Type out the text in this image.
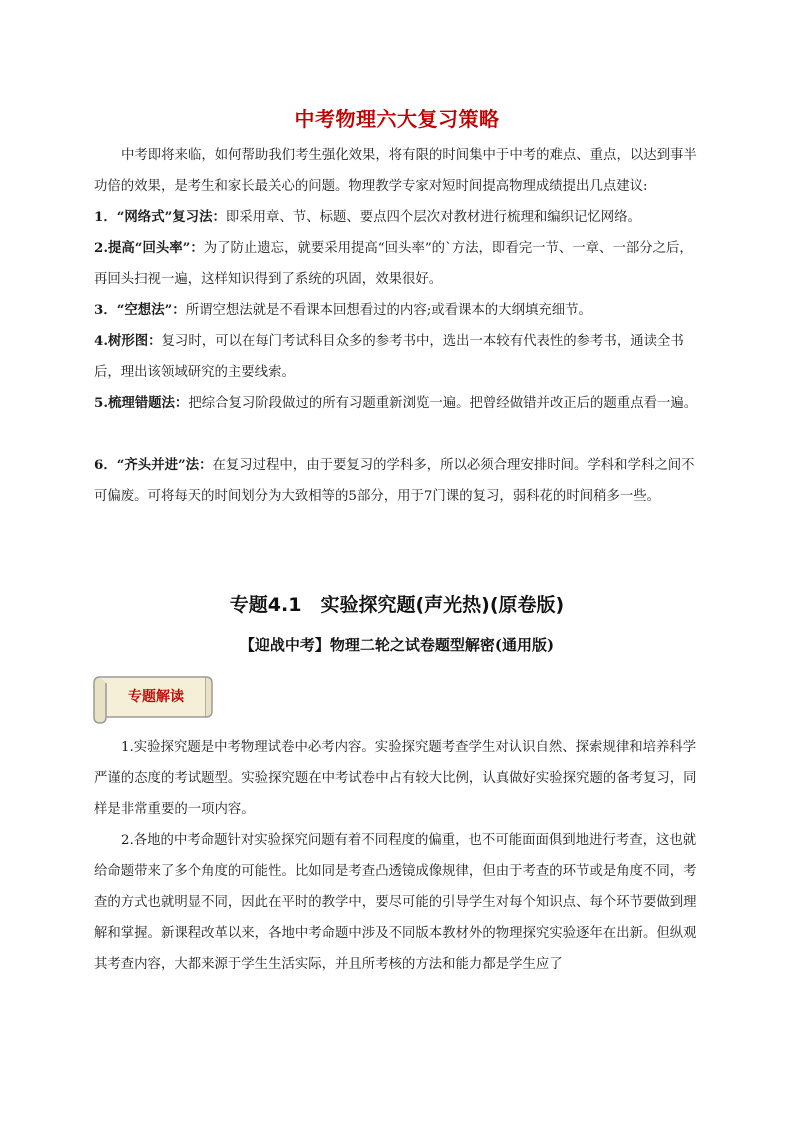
中考物理六大复习策略

中考即将来临，如何帮助我们考生强化效果，将有限的时间集中于中考的难点、重点，以达到事半功倍的效果，是考生和家长最关心的问题。物理教学专家对短时间提高物理成绩提出几点建议:

1．“网络式”复习法：即采用章、节、标题、要点四个层次对教材进行梳理和编织记忆网络。

2.提高“回头率”：为了防止遗忘，就要采用提高“回头率”的`方法，即看完一节、一章、一部分之后，再回头扫视一遍，这样知识得到了系统的巩固，效果很好。

3．“空想法”：所谓空想法就是不看课本回想看过的内容;或看课本的大纲填充细节。

4.树形图：复习时，可以在每门考试科目众多的参考书中，选出一本较有代表性的参考书，通读全书后，理出该领域研究的主要线索。

5.梳理错题法：把综合复习阶段做过的所有习题重新浏览一遍。把曾经做错并改正后的题重点看一遍。

6．“齐头并进”法：在复习过程中，由于要复习的学科多，所以必须合理安排时间。学科和学科之间不可偏废。可将每天的时间划分为大致相等的5部分，用于7门课的复习，弱科花的时间稍多一些。

专题4.1　实验探究题(声光热)(原卷版)
【迎战中考】物理二轮之试卷题型解密(通用版)
专题解读

1.实验探究题是中考物理试卷中必考内容。实验探究题考查学生对认识自然、探索规律和培养科学严谨的态度的考试题型。实验探究题在中考试卷中占有较大比例，认真做好实验探究题的备考复习，同样是非常重要的一项内容。

2.各地的中考命题针对实验探究问题有着不同程度的偏重，也不可能面面俱到地进行考查，这也就给命题带来了多个角度的可能性。比如同是考查凸透镜成像规律，但由于考查的环节或是角度不同，考查的方式也就明显不同，因此在平时的教学中，要尽可能的引导学生对每个知识点、每个环节要做到理解和掌握。新课程改革以来，各地中考命题中涉及不同版本教材外的物理探究实验逐年在出新。但纵观其考查内容，大都来源于学生生活实际，并且所考核的方法和能力都是学生应了
